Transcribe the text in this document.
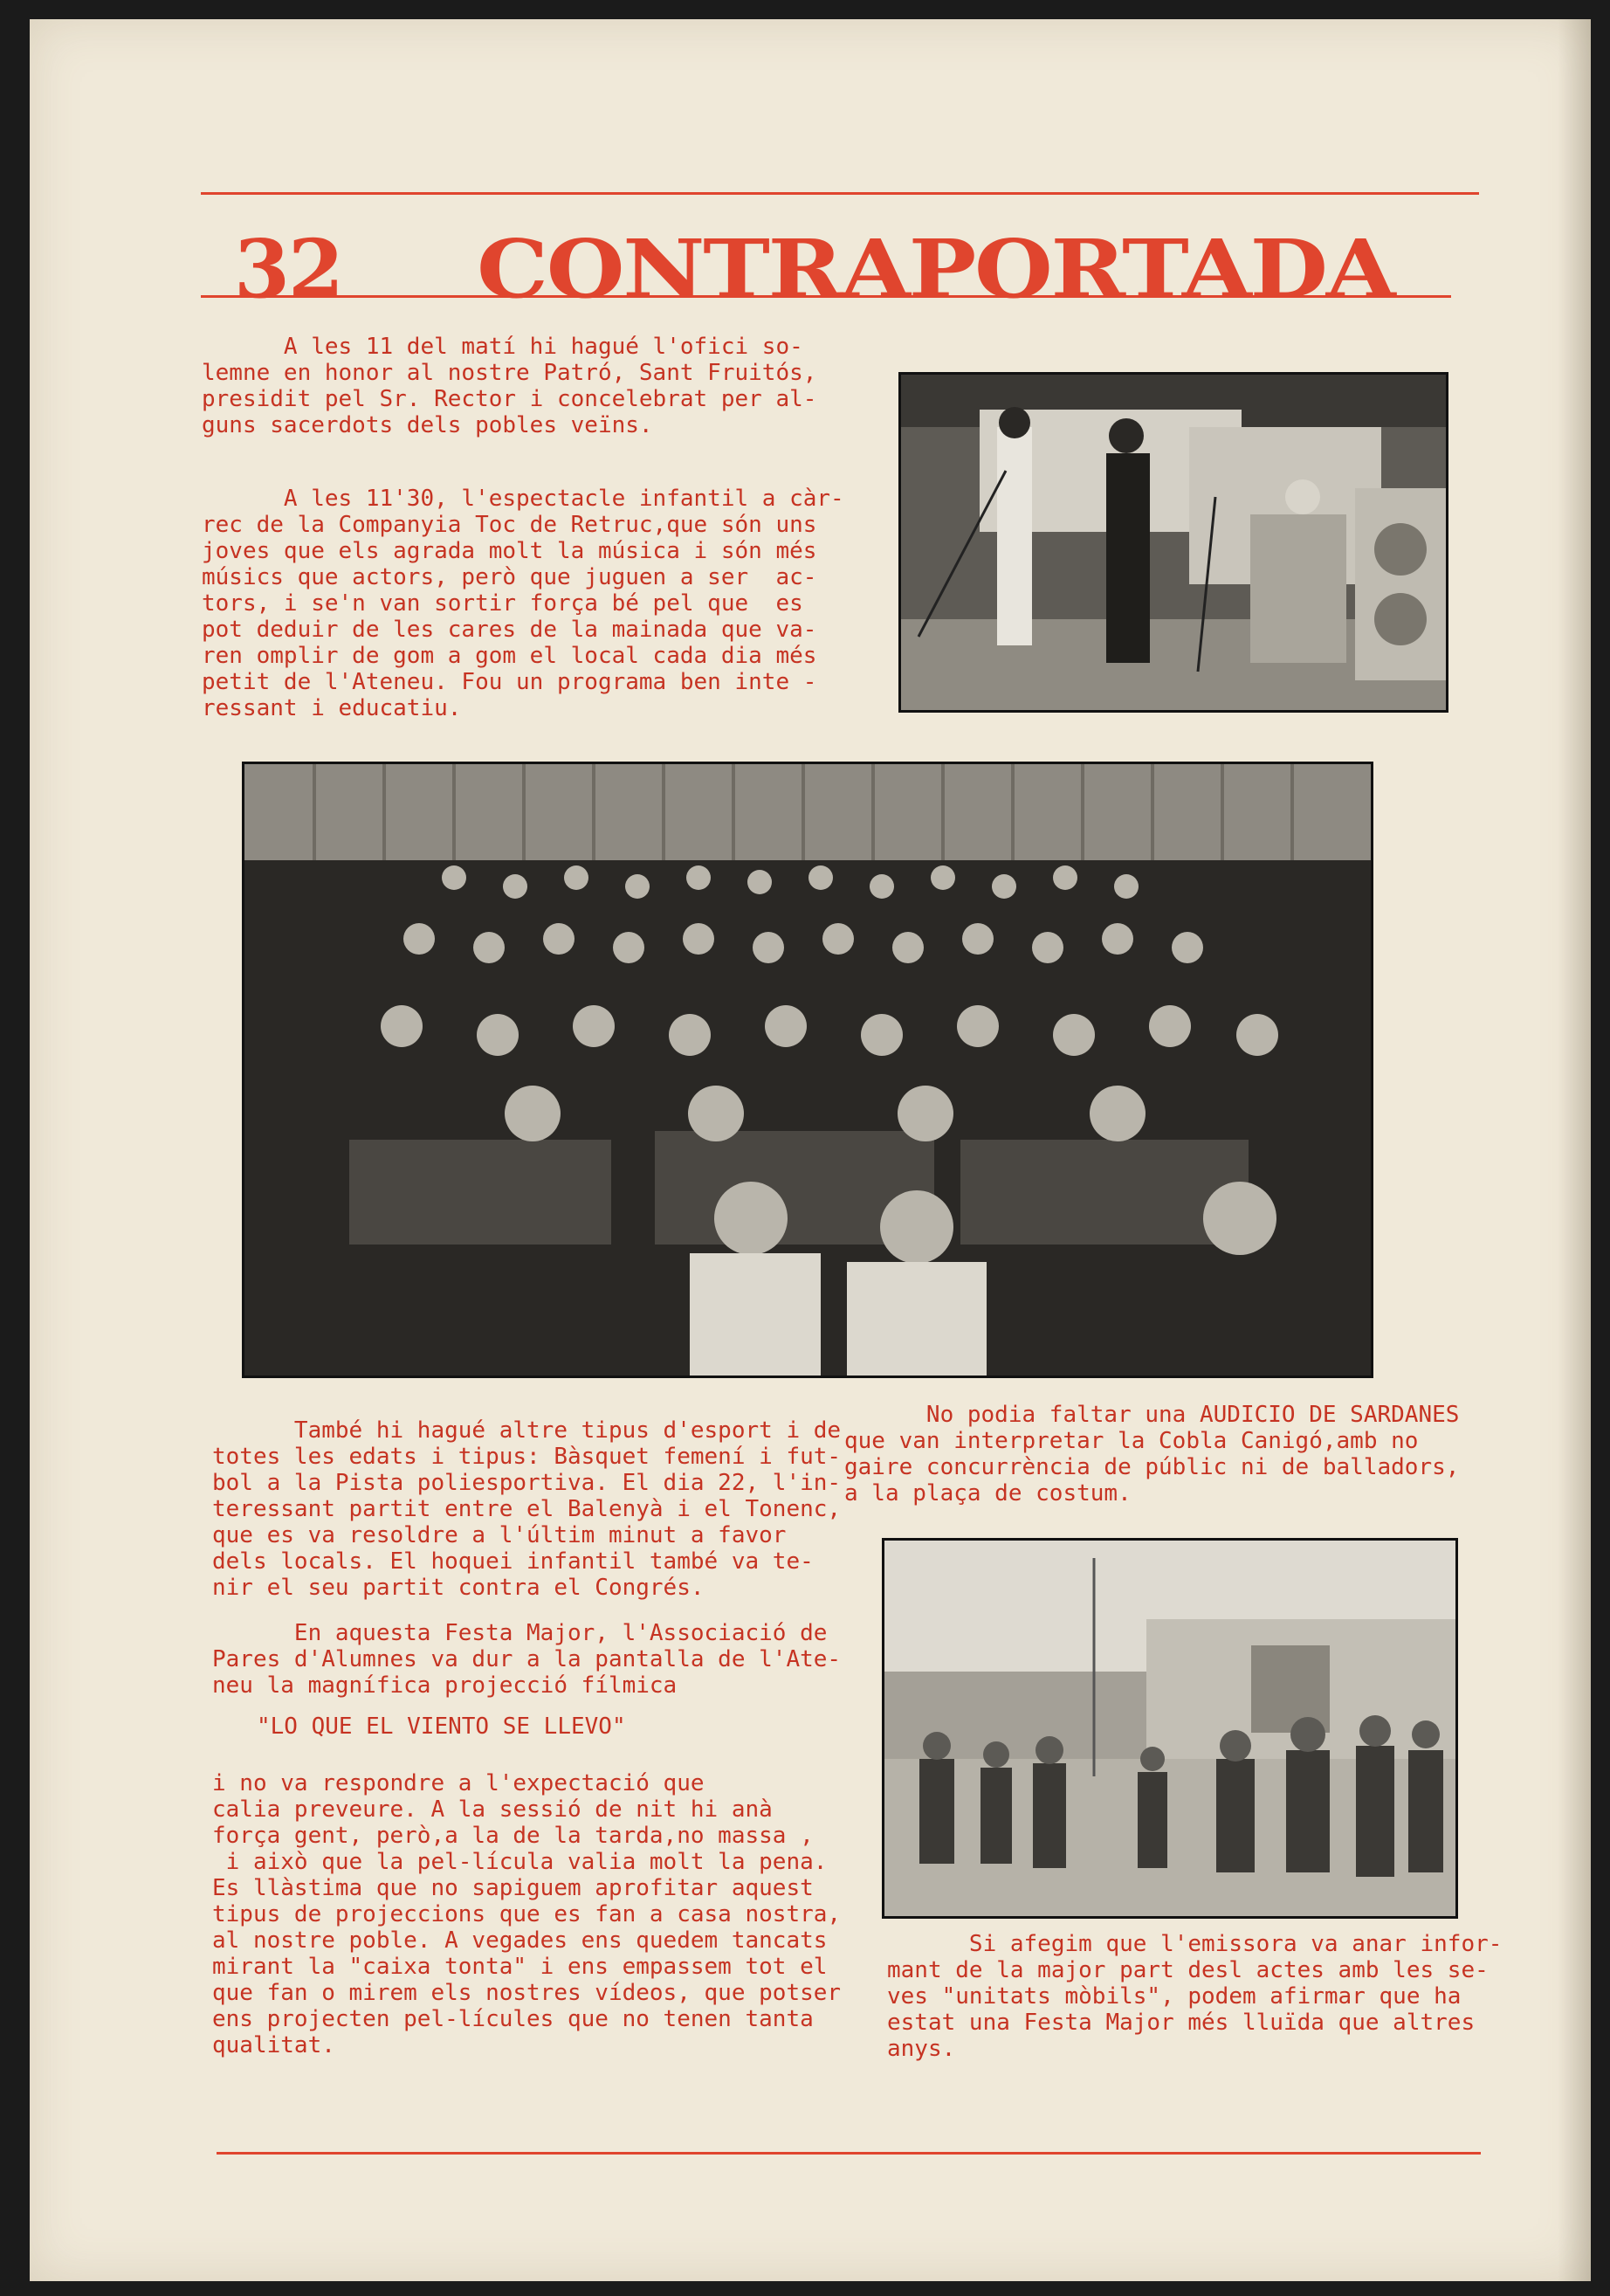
32 CONTRAPORTADA
A les 11 del matí hi hagué l'ofici so-
lemne en honor al nostre Patró, Sant Fruitós,
presidit pel Sr. Rector i concelebrat per al-
guns sacerdots dels pobles veïns.
A les 11'30, l'espectacle infantil a càr-
rec de la Companyia Toc de Retruc,que són uns
joves que els agrada molt la música i són més
músics que actors, però que juguen a ser  ac-
tors, i se'n van sortir força bé pel que  es
pot deduir de les cares de la mainada que va-
ren omplir de gom a gom el local cada dia més
petit de l'Ateneu. Fou un programa ben inte -
ressant i educatiu.
També hi hagué altre tipus d'esport i de
totes les edats i tipus: Bàsquet femení i fut-
bol a la Pista poliesportiva. El dia 22, l'in-
teressant partit entre el Balenyà i el Tonenc,
que es va resoldre a l'últim minut a favor
dels locals. El hoquei infantil també va te-
nir el seu partit contra el Congrés.
En aquesta Festa Major, l'Associació de
Pares d'Alumnes va dur a la pantalla de l'Ate-
neu la magnífica projecció fílmica
"LO QUE EL VIENTO SE LLEVO"
i no va respondre a l'expectació que
calia preveure. A la sessió de nit hi anà
força gent, però,a la de la tarda,no massa ,
i això que la pel-lícula valia molt la pena.
Es llàstima que no sapiguem aprofitar aquest
tipus de projeccions que es fan a casa nostra,
al nostre poble. A vegades ens quedem tancats
mirant la "caixa tonta" i ens empassem tot el
que fan o mirem els nostres vídeos, que potser
ens projecten pel-lícules que no tenen tanta
qualitat.
No podia faltar una AUDICIO DE SARDANES
que van interpretar la Cobla Canigó,amb no
gaire concurrència de públic ni de balladors,
a la plaça de costum.
Si afegim que l'emissora va anar infor-
mant de la major part desl actes amb les se-
ves "unitats mòbils", podem afirmar que ha
estat una Festa Major més lluïda que altres
anys.
